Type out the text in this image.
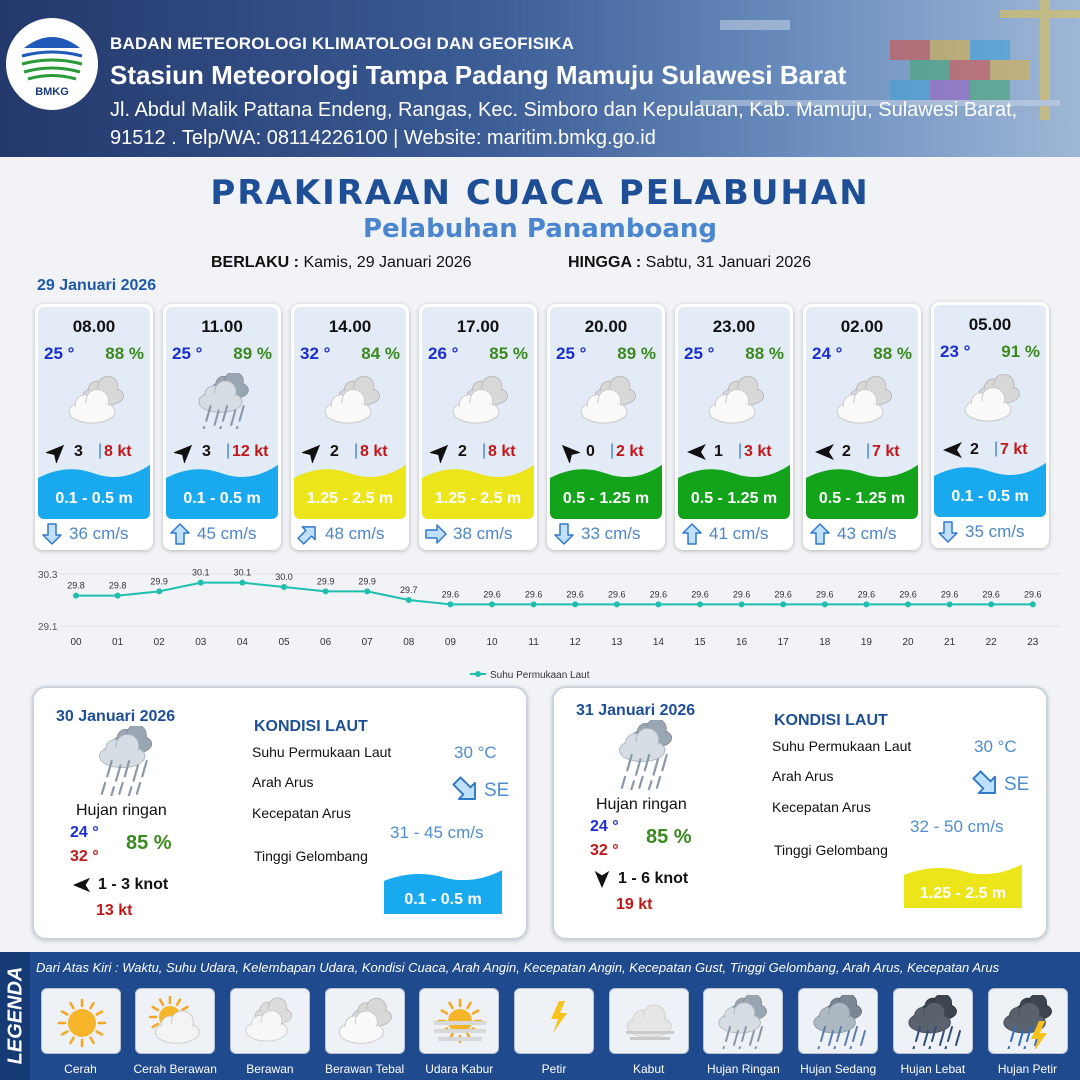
BMKG
BADAN METEOROLOGI KLIMATOLOGI DAN GEOFISIKA
Stasiun Meteorologi Tampa Padang Mamuju Sulawesi Barat
Jl. Abdul Malik Pattana Endeng, Rangas, Kec. Simboro dan Kepulauan, Kab. Mamuju, Sulawesi Barat, 91512 . Telp/WA: 08114226100 | Website: maritim.bmkg.go.id
PRAKIRAAN CUACA PELABUHAN
Pelabuhan Panamboang
BERLAKU : Kamis, 29 Januari 2026	HINGGA : Sabtu, 31 Januari 2026
29 Januari 2026
08.00
25 ° 88 %
3 | 8 kt
0.1 - 0.5 m
36 cm/s
11.00
25 ° 89 %
3 | 12 kt
0.1 - 0.5 m
45 cm/s
14.00
32 ° 84 %
2 | 8 kt
1.25 - 2.5 m
48 cm/s
17.00
26 ° 85 %
2 | 8 kt
1.25 - 2.5 m
38 cm/s
20.00
25 ° 89 %
0 | 2 kt
0.5 - 1.25 m
33 cm/s
23.00
25 ° 88 %
1 | 3 kt
0.5 - 1.25 m
41 cm/s
02.00
24 ° 88 %
2 | 7 kt
0.5 - 1.25 m
43 cm/s
05.00
23 ° 91 %
2 | 7 kt
0.1 - 0.5 m
35 cm/s
30.3
29.1
29.8
00
29.8
01
29.9
02
30.1
03
30.1
04
30.0
05
29.9
06
29.9
07
29.7
08
29.6
09
29.6
10
29.6
11
29.6
12
29.6
13
29.6
14
29.6
15
29.6
16
29.6
17
29.6
18
29.6
19
29.6
20
29.6
21
29.6
22
29.6
23
Suhu Permukaan Laut
30 Januari 2026
Hujan ringan
24 °
32 °
85 %
1 - 3 knot
13 kt
KONDISI LAUT
Suhu Permukaan Laut	30 °C
Arah Arus	SE
Kecepatan Arus
31 - 45 cm/s
Tinggi Gelombang
0.1 - 0.5 m
31 Januari 2026
Hujan ringan
24 °
32 °
85 %
1 - 6 knot
19 kt
KONDISI LAUT
Suhu Permukaan Laut	30 °C
Arah Arus	SE
Kecepatan Arus
32 - 50 cm/s
Tinggi Gelombang
1.25 - 2.5 m
LEGENDA Dari Atas Kiri : Waktu, Suhu Udara, Kelembapan Udara, Kondisi Cuaca, Arah Angin, Kecepatan Angin, Kecepatan Gust, Tinggi Gelombang, Arah Arus, Kecepatan Arus
Cerah	Cerah Berawan	Berawan	Berawan Tebal	Udara Kabur	Petir	Kabut	Hujan Ringan	Hujan Sedang	Hujan Lebat	Hujan Petir
